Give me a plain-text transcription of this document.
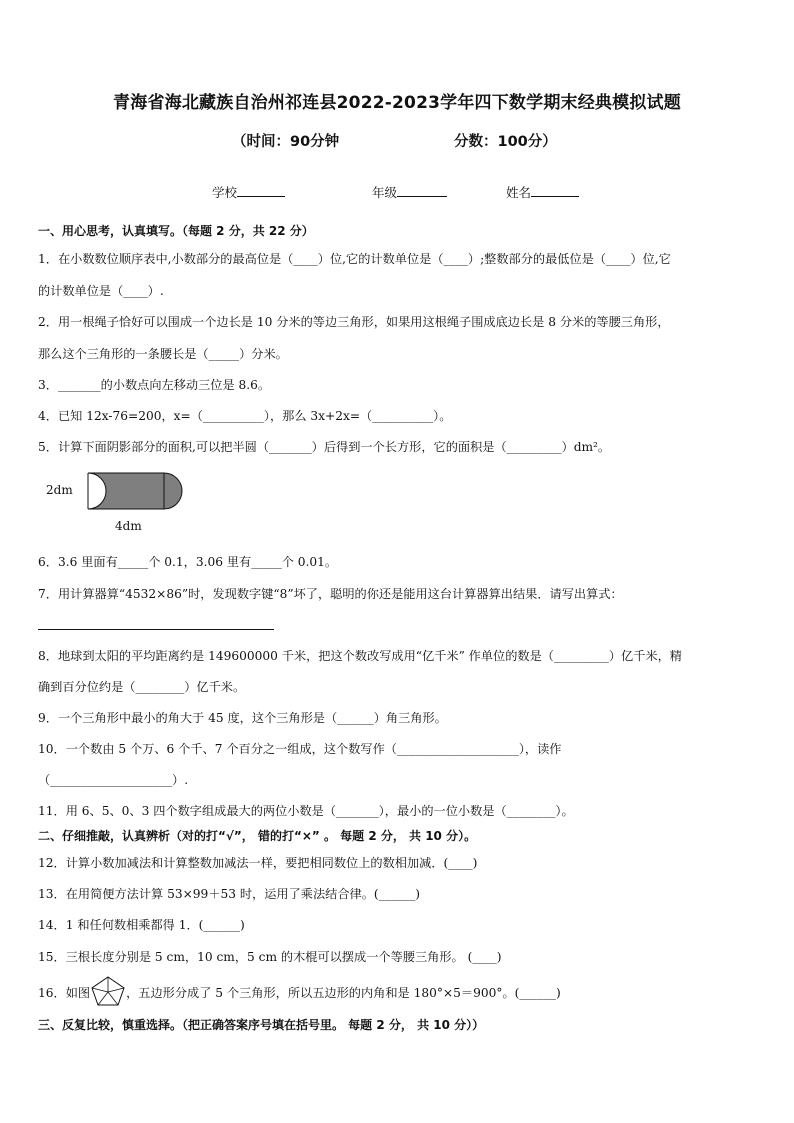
青海省海北藏族自治州祁连县2022-2023学年四下数学期末经典模拟试题
（时间：90分钟	分数：100分）
学校	年级	姓名
一、用心思考，认真填写。（每题 2 分，共 22 分）
1．在小数数位顺序表中,小数部分的最高位是（____）位,它的计数单位是（____）;整数部分的最低位是（____）位,它
的计数单位是（____）.
2．用一根绳子恰好可以围成一个边长是 10 分米的等边三角形，如果用这根绳子围成底边长是 8 分米的等腰三角形，
那么这个三角形的一条腰长是（_____）分米。
3．_______的小数点向左移动三位是 8.6。
4．已知 12x-76=200，x=（__________），那么 3x+2x=（__________）。
5．计算下面阴影部分的面积,可以把半圆（_______）后得到一个长方形，它的面积是（_________）dm²。
2dm
4dm
6．3.6 里面有_____个 0.1，3.06 里有_____个 0.01。
7．用计算器算“4532×86”时，发现数字键“8”坏了，聪明的你还是能用这台计算器算出结果．请写出算式：
8．地球到太阳的平均距离约是 149600000 千米，把这个数改写成用“亿千米” 作单位的数是（_________）亿千米，精
确到百分位约是（________）亿千米。
9．一个三角形中最小的角大于 45 度，这个三角形是（______）角三角形。
10．一个数由 5 个万、6 个千、7 个百分之一组成，这个数写作（____________________），读作
（____________________）.
11．用 6、5、0、3 四个数字组成最大的两位小数是（_______），最小的一位小数是（________）。
二、仔细推敲，认真辨析（对的打“√”， 错的打“×” 。 每题 2 分， 共 10 分）。
12．计算小数加减法和计算整数加减法一样，要把相同数位上的数相加减．(____)
13．在用简便方法计算 53×99＋53 时，运用了乘法结合律。(______)
14．1 和任何数相乘都得 1．(______)
15．三根长度分别是 5 cm，10 cm，5 cm 的木棍可以摆成一个等腰三角形。 (____)
16．如图	，五边形分成了 5 个三角形，所以五边形的内角和是 180°×5＝900°。(______)
三、反复比较，慎重选择。（把正确答案序号填在括号里。 每题 2 分， 共 10 分））
